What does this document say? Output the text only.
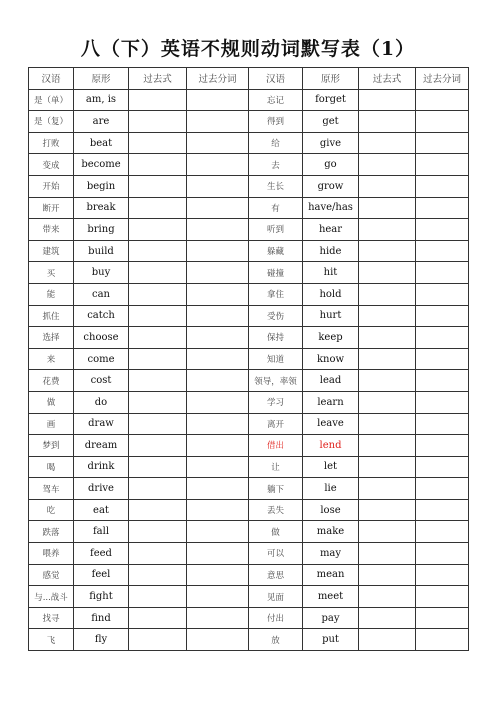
八（下）英语不规则动词默写表（1）
汉语	原形	过去式	过去分词	汉语	原形	过去式	过去分词
是（单）	am, is			忘记	forget		
是（复）	are			得到	get		
打败	beat			给	give		
变成	become			去	go		
开始	begin			生长	grow		
断开	break			有	have/has		
带来	bring			听到	hear		
建筑	build			躲藏	hide		
买	buy			碰撞	hit		
能	can			拿住	hold		
抓住	catch			受伤	hurt		
选择	choose			保持	keep		
来	come			知道	know		
花费	cost			领导，率领	lead		
做	do			学习	learn		
画	draw			离开	leave		
梦到	dream			借出	lend		
喝	drink			让	let		
驾车	drive			躺下	lie		
吃	eat			丢失	lose		
跌落	fall			做	make		
喂养	feed			可以	may		
感觉	feel			意思	mean		
与...战斗	fight			见面	meet		
找寻	find			付出	pay		
飞	fly			放	put		
